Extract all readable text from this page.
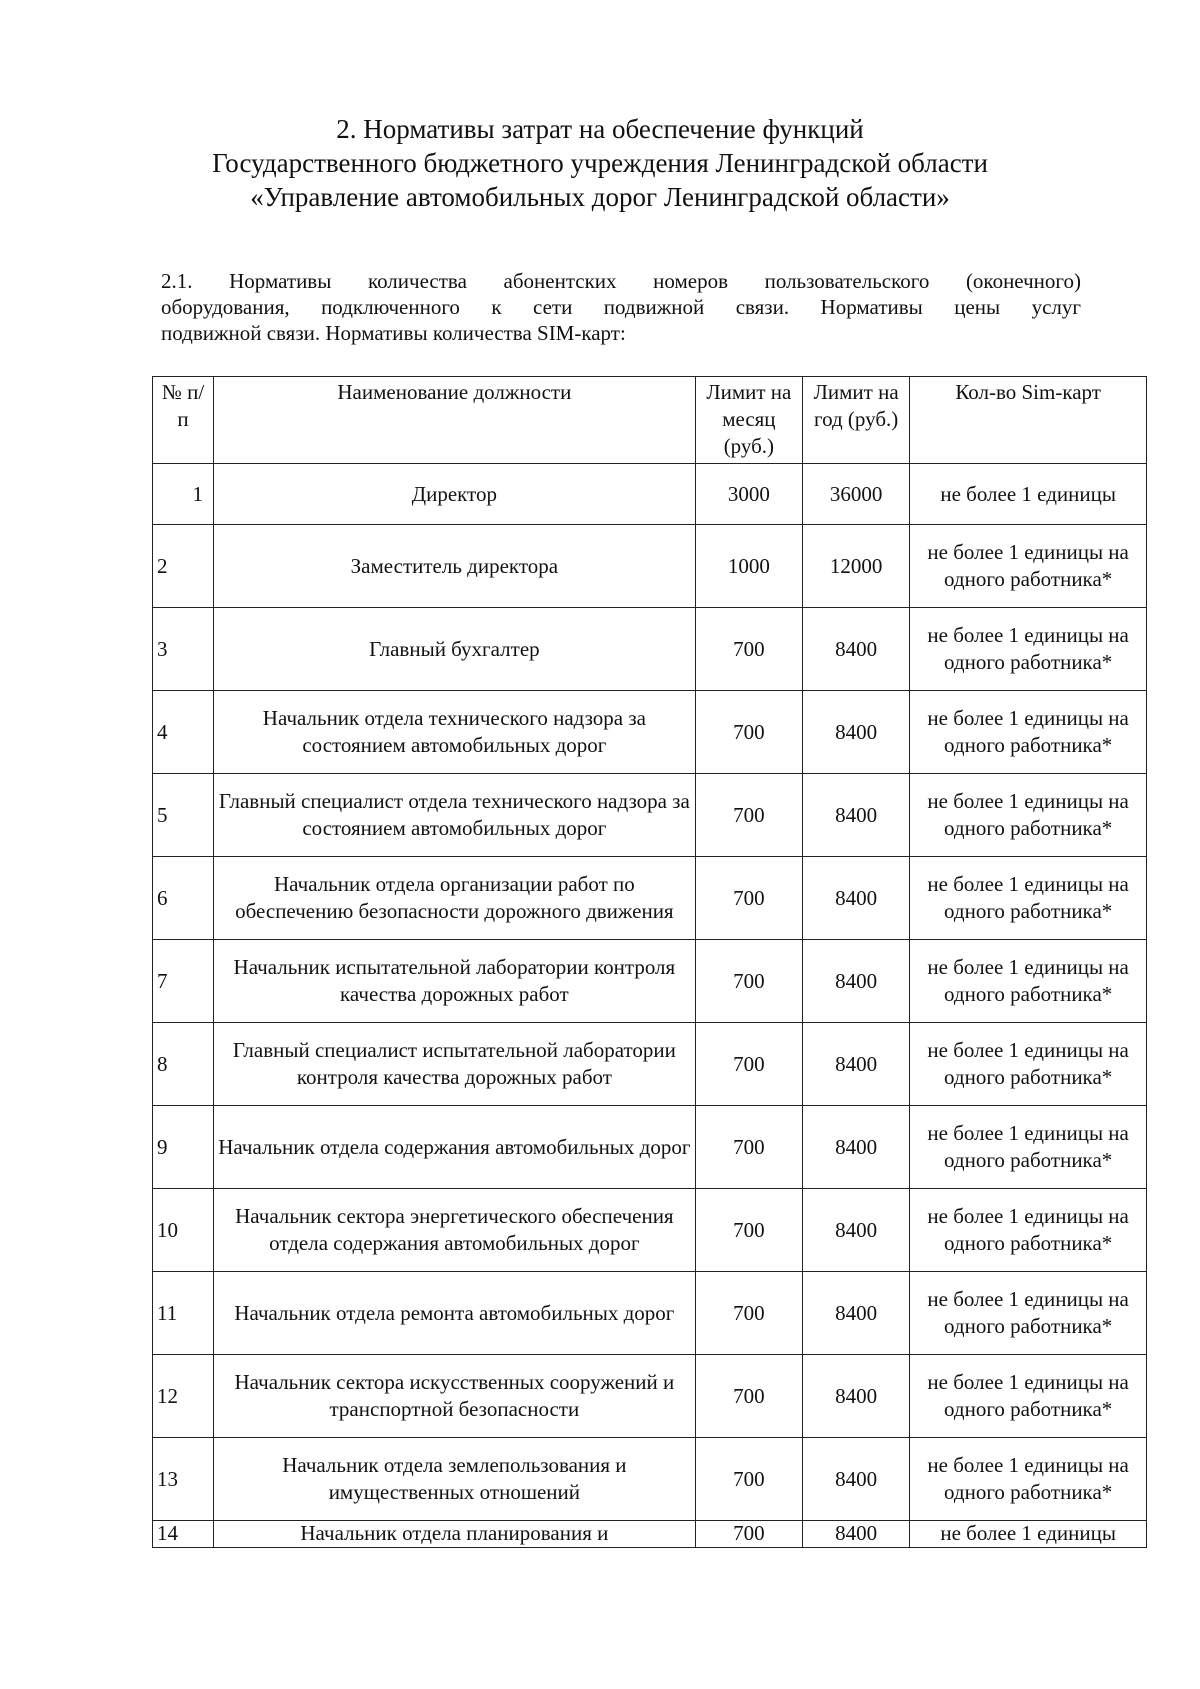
2. Нормативы затрат на обеспечение функций
Государственного бюджетного учреждения Ленинградской области
«Управление автомобильных дорог Ленинградской области»
2.1. Нормативы количества абонентских номеров пользовательского (оконечного)
оборудования, подключенного к сети подвижной связи. Нормативы цены услуг
подвижной связи. Нормативы количества SIM-карт:
№ п/п	Наименование должности	Лимит на месяц (руб.)	Лимит на год (руб.)	Кол-во Sim-карт
1	Директор	3000	36000	не более 1 единицы
2	Заместитель директора	1000	12000	не более 1 единицы на одного работника*
3	Главный бухгалтер	700	8400	не более 1 единицы на одного работника*
4	Начальник отдела технического надзора за состоянием автомобильных дорог	700	8400	не более 1 единицы на одного работника*
5	Главный специалист отдела технического надзора за состоянием автомобильных дорог	700	8400	не более 1 единицы на одного работника*
6	Начальник отдела организации работ по обеспечению безопасности дорожного движения	700	8400	не более 1 единицы на одного работника*
7	Начальник испытательной лаборатории контроля качества дорожных работ	700	8400	не более 1 единицы на одного работника*
8	Главный специалист испытательной лаборатории контроля качества дорожных работ	700	8400	не более 1 единицы на одного работника*
9	Начальник отдела содержания автомобильных дорог	700	8400	не более 1 единицы на одного работника*
10	Начальник сектора энергетического обеспечения отдела содержания автомобильных дорог	700	8400	не более 1 единицы на одного работника*
11	Начальник отдела ремонта автомобильных дорог	700	8400	не более 1 единицы на одного работника*
12	Начальник сектора искусственных сооружений и транспортной безопасности	700	8400	не более 1 единицы на одного работника*
13	Начальник отдела землепользования и имущественных отношений	700	8400	не более 1 единицы на одного работника*
14	Начальник отдела планирования и	700	8400	не более 1 единицы
